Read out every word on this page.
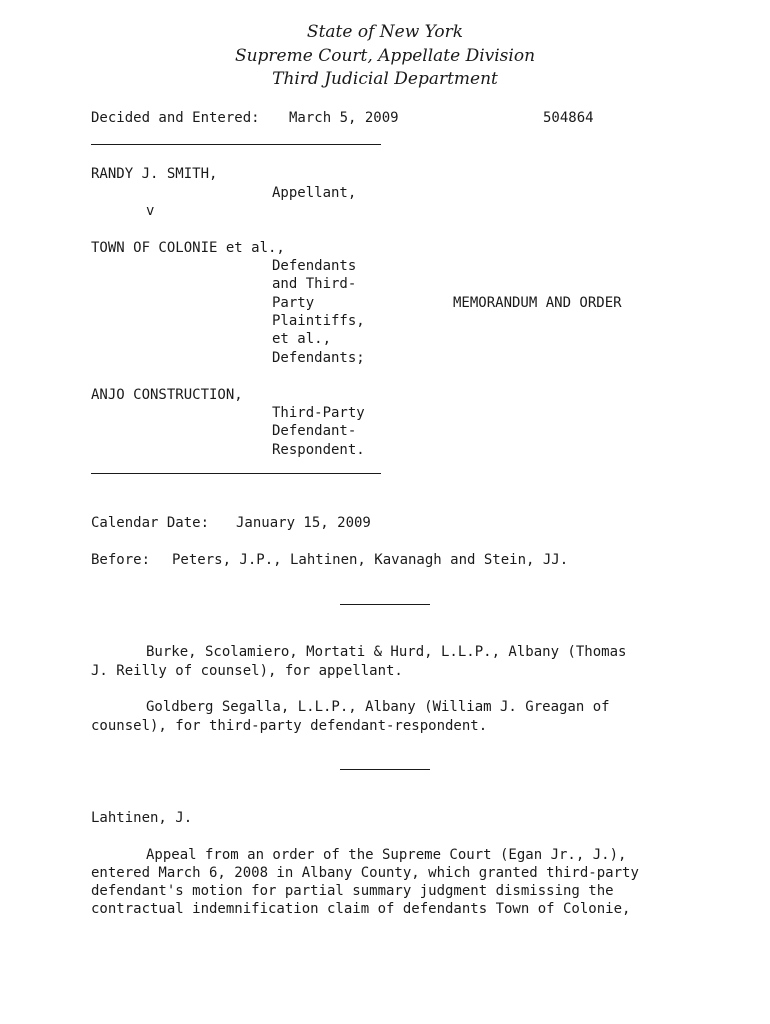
State of New York
Supreme Court, Appellate Division
Third Judicial Department
Decided and Entered: March 5, 2009	504864
RANDY J. SMITH,
Appellant,
v
TOWN OF COLONIE et al.,
Defendants
and Third-
Party
Plaintiffs,
et al.,
Defendants;
MEMORANDUM AND ORDER
ANJO CONSTRUCTION,
Third-Party
Defendant-
Respondent.
Calendar Date: January 15, 2009
Before: Peters, J.P., Lahtinen, Kavanagh and Stein, JJ.
Burke, Scolamiero, Mortati & Hurd, L.L.P., Albany (Thomas
J. Reilly of counsel), for appellant.
Goldberg Segalla, L.L.P., Albany (William J. Greagan of
counsel), for third-party defendant-respondent.
Lahtinen, J.
Appeal from an order of the Supreme Court (Egan Jr., J.),
entered March 6, 2008 in Albany County, which granted third-party
defendant's motion for partial summary judgment dismissing the
contractual indemnification claim of defendants Town of Colonie,
